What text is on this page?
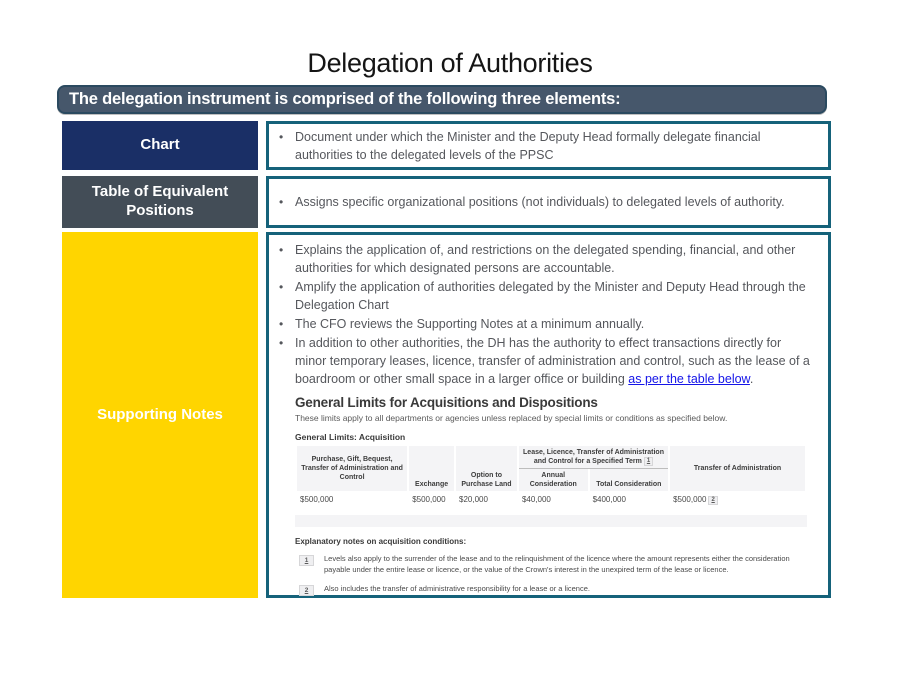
Delegation of Authorities
The delegation instrument is comprised of the following three elements:
Chart	• Document under which the Minister and the Deputy Head formally delegate financial authorities to the delegated levels of the PPSC
Table of Equivalent Positions	• Assigns specific organizational positions (not individuals) to delegated levels of authority.
Supporting Notes
• Explains the application of, and restrictions on the delegated spending, financial, and other authorities for which designated persons are accountable.
• Amplify the application of authorities delegated by the Minister and Deputy Head through the Delegation Chart
• The CFO reviews the Supporting Notes at a minimum annually.
• In addition to other authorities, the DH has the authority to effect transactions directly for minor temporary leases, licence, transfer of administration and control, such as the lease of a boardroom or other small space in a larger office or building as per the table below.
General Limits for Acquisitions and Dispositions
These limits apply to all departments or agencies unless replaced by special limits or conditions as specified below.
General Limits: Acquisition
Purchase, Gift, Bequest, Transfer of Administration and Control	Exchange	Option to Purchase Land	Lease, Licence, Transfer of Administration and Control for a Specified Term 1		Transfer of Administration
			Annual Consideration	Total Consideration	
$500,000	$500,000	$20,000	$40,000	$400,000	$500,000 2
Explanatory notes on acquisition conditions:
1	Levels also apply to the surrender of the lease and to the relinquishment of the licence where the amount represents either the consideration payable under the entire lease or licence, or the value of the Crown's interest in the unexpired term of the lease or licence.

2	Also includes the transfer of administrative responsibility for a lease or a licence.
